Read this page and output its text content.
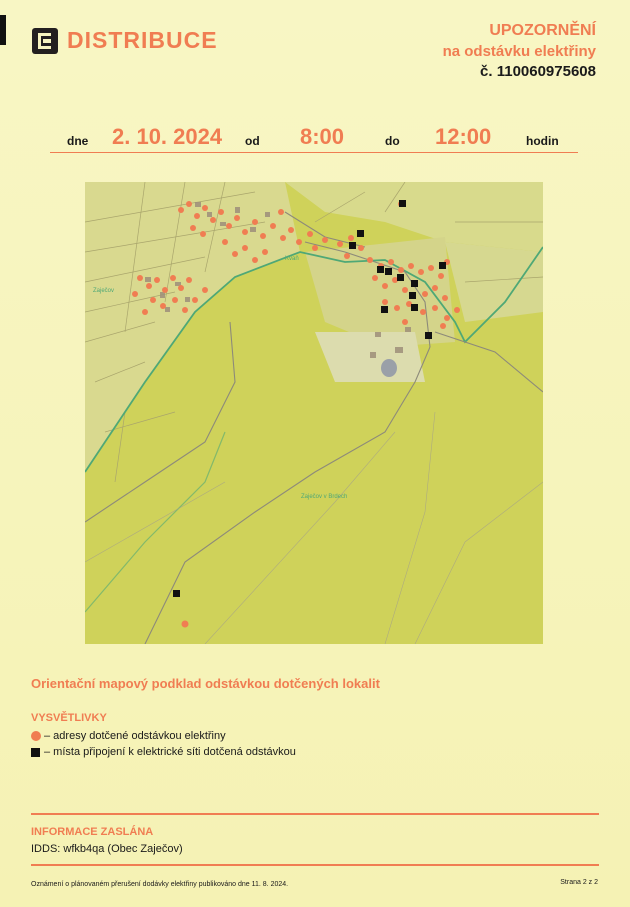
DISTRIBUCE	UPOZORNĚNÍ
na odstávku elektřiny
č. 110060975608
dne 2. 10. 2024 od 8:00	do 12:00	hodin
Zaječov
Kvaň
Zaječov v Brdech
Orientační mapový podklad odstávkou dotčených lokalit
VYSVĚTLIVKY
– adresy dotčené odstávkou elektřiny
– místa připojení k elektrické síti dotčená odstávkou
INFORMACE ZASLÁNA
IDDS: wfkb4qa (Obec Zaječov)
Oznámení o plánovaném přerušení dodávky elektřiny publikováno dne 11. 8. 2024.	Strana 2 z 2
